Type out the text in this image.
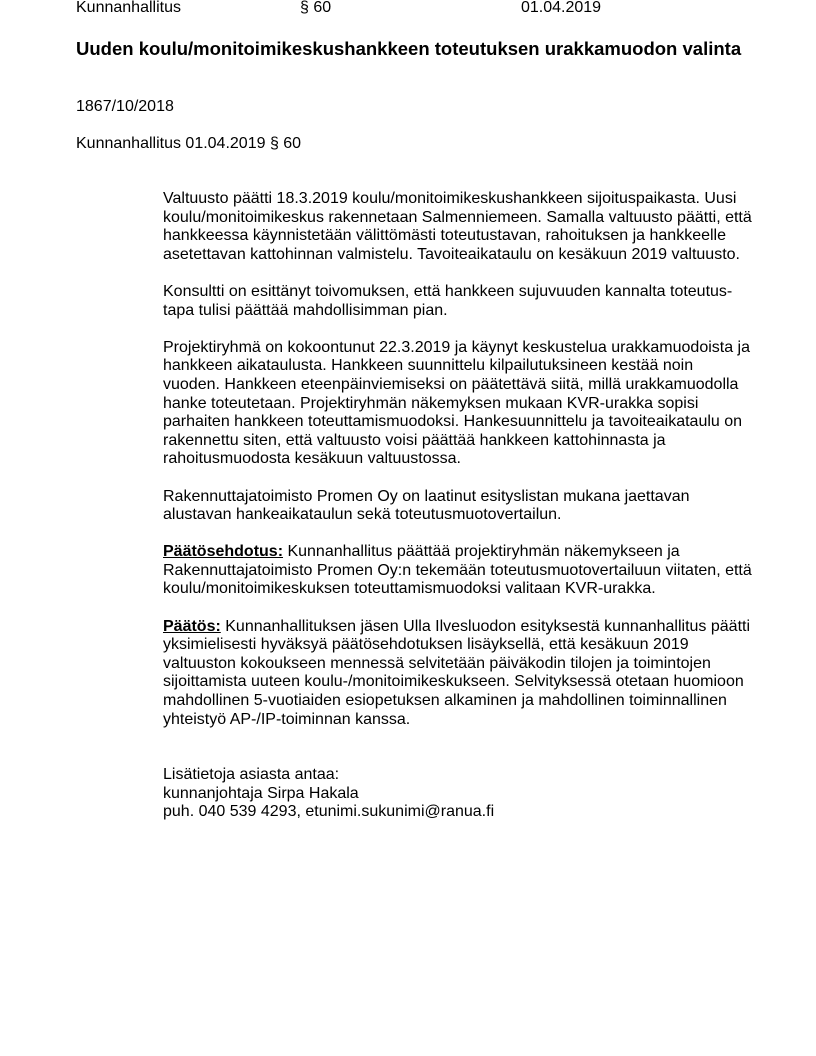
Kunnanhallitus	§ 60	01.04.2019
Uuden koulu/monitoimikeskushankkeen toteutuksen urakkamuodon valinta
1867/10/2018
Kunnanhallitus 01.04.2019 § 60

Valtuusto päätti 18.3.2019 koulu/monitoimikeskushankkeen sijoituspaikasta. Uusi koulu/monitoimikeskus rakennetaan Salmenniemeen. Samalla valtuusto päätti, että hankkeessa käynnistetään välittömästi toteutustavan, rahoituksen ja hankkeelle asetettavan kattohinnan valmistelu. Tavoiteaikataulu on kesäkuun 2019 valtuusto.

Konsultti on esittänyt toivomuksen, että hankkeen sujuvuuden kannalta toteutustapa tulisi päättää mahdollisimman pian.

Projektiryhmä on kokoontunut 22.3.2019 ja käynyt keskustelua urakkamuodoista ja hankkeen aikataulusta. Hankkeen suunnittelu kilpailutuksineen kestää noin vuoden. Hankkeen eteenpäinviemiseksi on päätettävä siitä, millä urakkamuodolla hanke toteutetaan. Projektiryhmän näkemyksen mukaan KVR-urakka sopisi parhaiten hankkeen toteuttamismuodoksi. Hankesuunnittelu ja tavoiteaikataulu on rakennettu siten, että valtuusto voisi päättää hankkeen kattohinnasta ja rahoitusmuodosta kesäkuun valtuustossa.

Rakennuttajatoimisto Promen Oy on laatinut esityslistan mukana jaettavan alustavan hankeaikataulun sekä toteutusmuotovertailun.

Päätösehdotus: Kunnanhallitus päättää projektiryhmän näkemykseen ja Rakennuttajatoimisto Promen Oy:n tekemään toteutusmuotovertailuun viitaten, että koulu/monitoimikeskuksen toteuttamismuodoksi valitaan KVR-urakka.

Päätös: Kunnanhallituksen jäsen Ulla Ilvesluodon esityksestä kunnanhallitus päätti yksimielisesti hyväksyä päätösehdotuksen lisäyksellä, että kesäkuun 2019 valtuuston kokoukseen mennessä selvitetään päiväkodin tilojen ja toimintojen sijoittamista uuteen koulu-/monitoimikeskukseen. Selvityksessä otetaan huomioon mahdollinen 5-vuotiaiden esiopetuksen alkaminen ja mahdollinen toiminnallinen yhteistyö AP-/IP-toiminnan kanssa.

Lisätietoja asiasta antaa:
kunnanjohtaja Sirpa Hakala
puh. 040 539 4293, etunimi.sukunimi@ranua.fi
